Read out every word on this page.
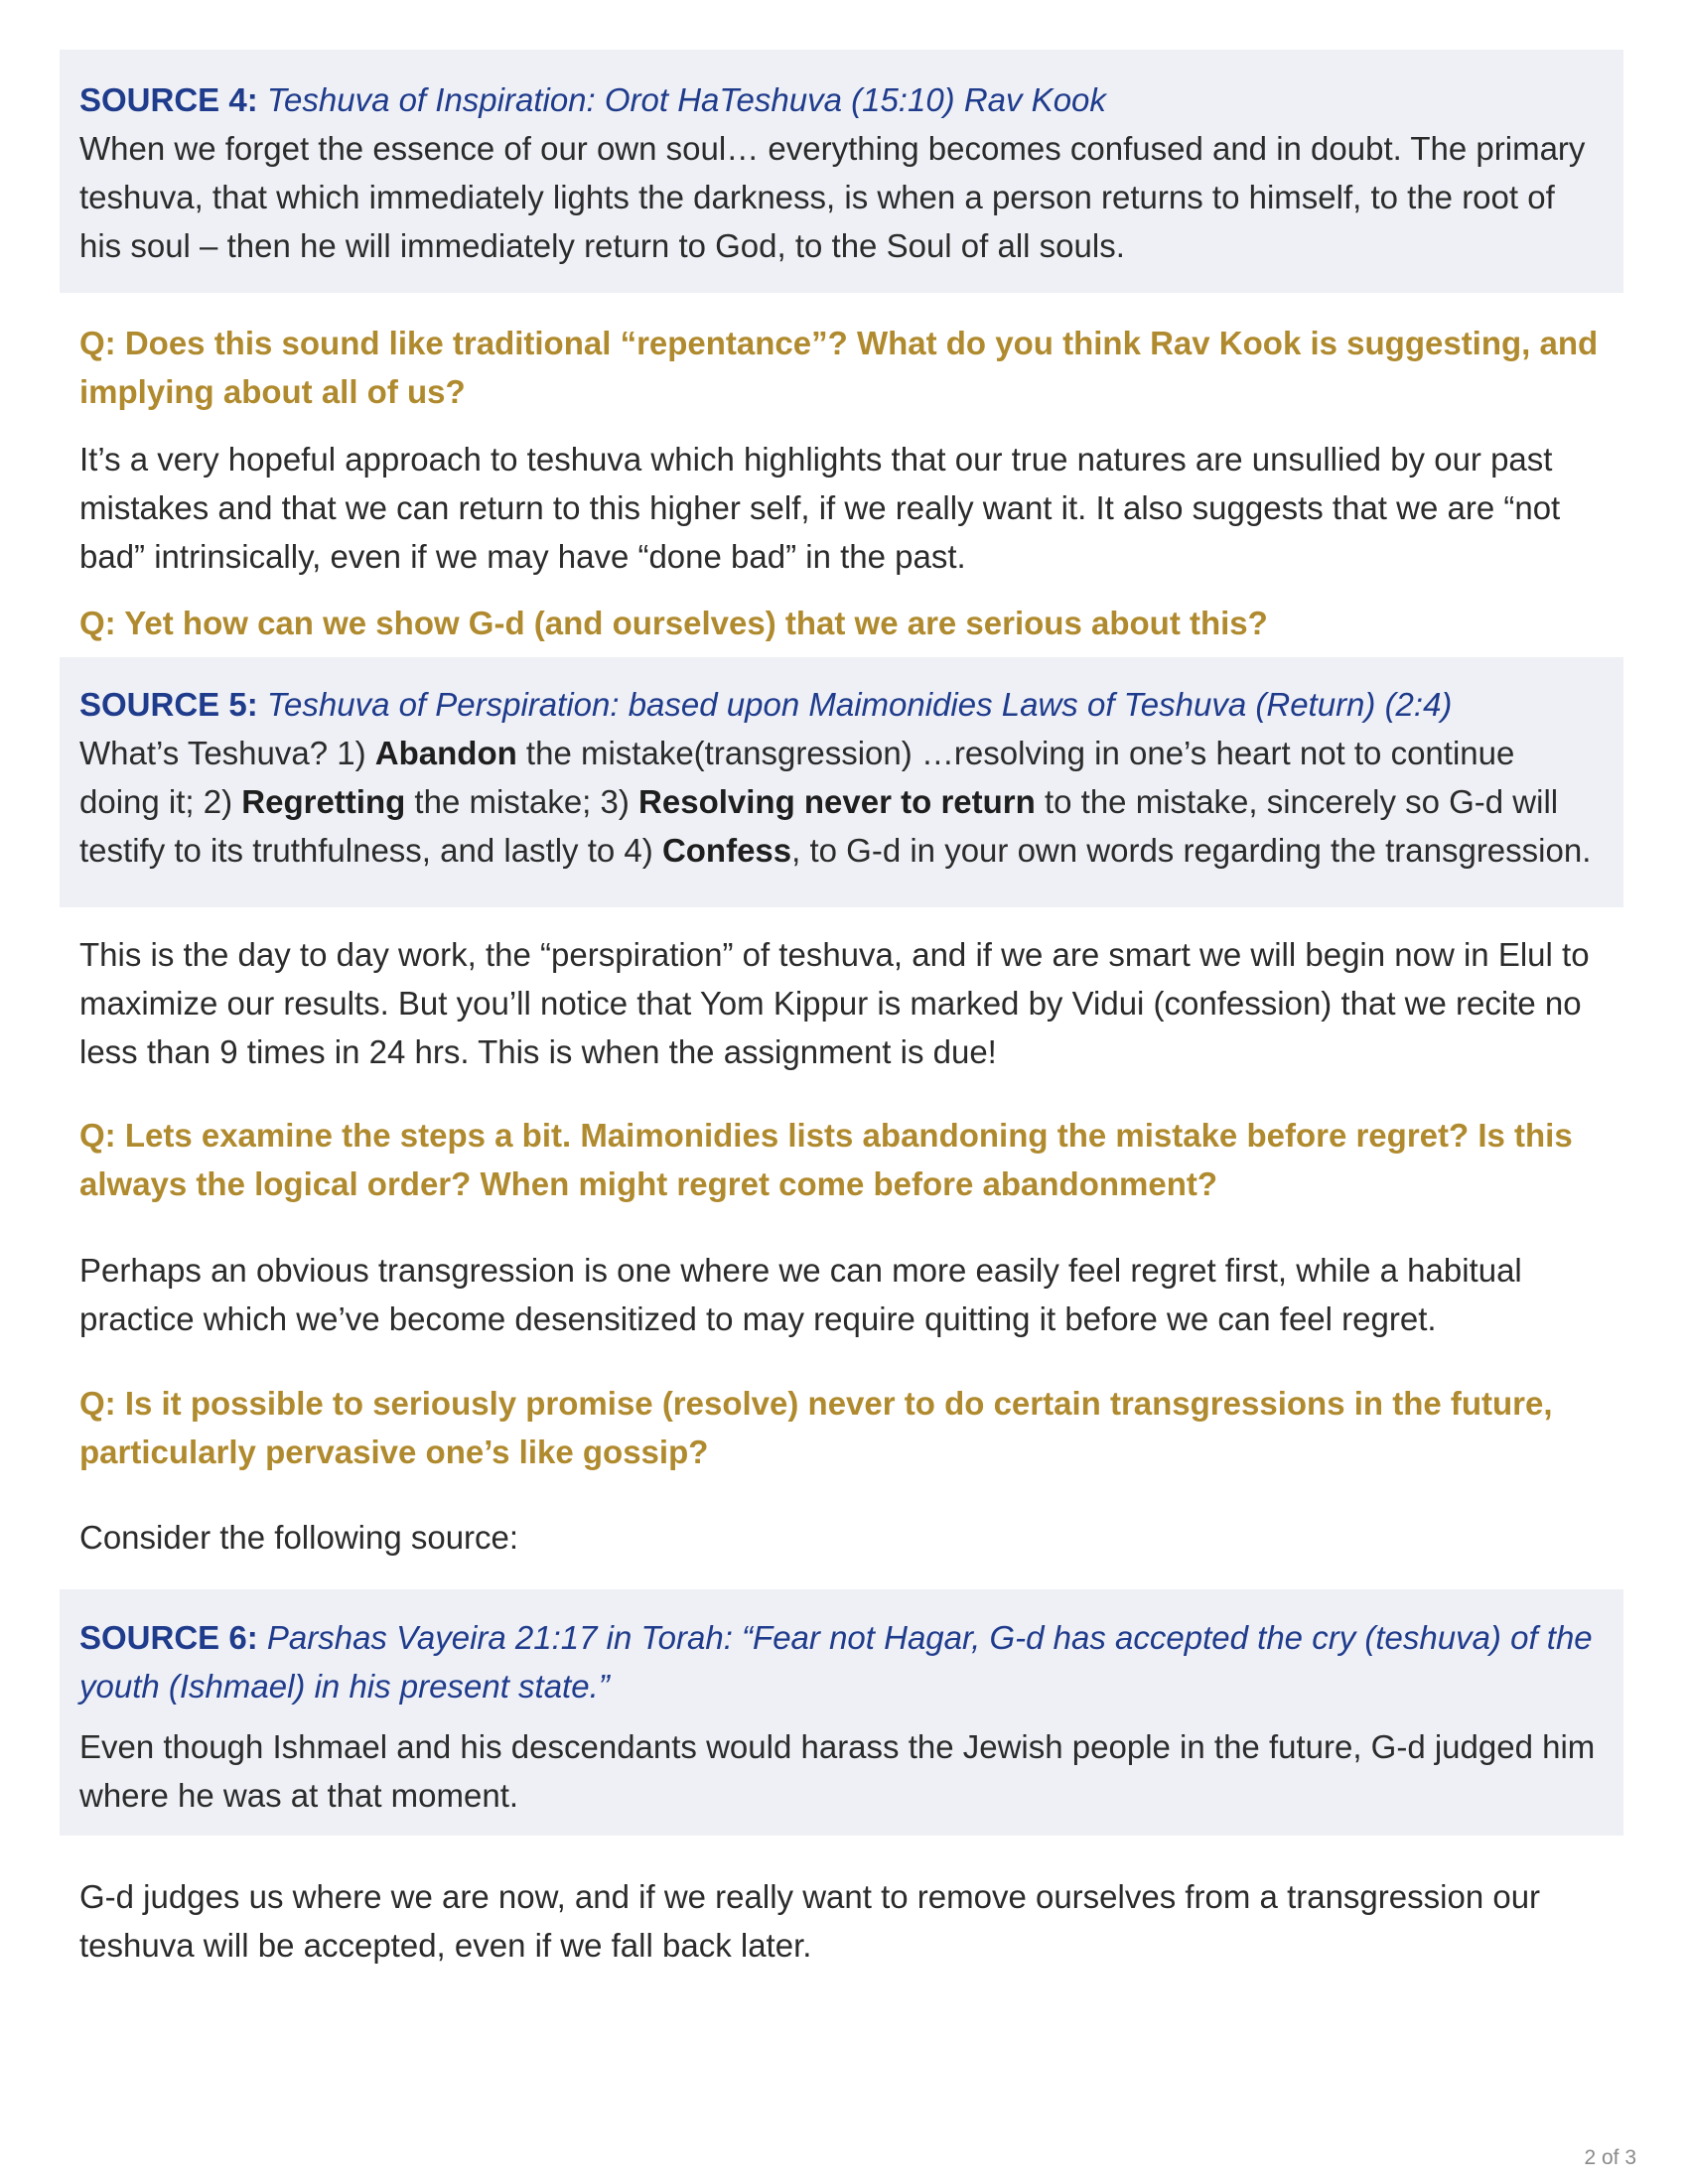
SOURCE 4: Teshuva of Inspiration: Orot HaTeshuva (15:10) Rav Kook

When we forget the essence of our own soul… everything becomes confused and in doubt. The primary teshuva, that which immediately lights the darkness, is when a person returns to himself, to the root of his soul – then he will immediately return to God, to the Soul of all souls.

Q: Does this sound like traditional “repentance”? What do you think Rav Kook is suggesting, and implying about all of us?

It’s a very hopeful approach to teshuva which highlights that our true natures are unsullied by our past mistakes and that we can return to this higher self, if we really want it. It also suggests that we are “not bad” intrinsically, even if we may have “done bad” in the past.

Q: Yet how can we show G-d (and ourselves) that we are serious about this?

SOURCE 5: Teshuva of Perspiration: based upon Maimonidies Laws of Teshuva (Return) (2:4)

What’s Teshuva? 1) Abandon the mistake(transgression) …resolving in one’s heart not to continue doing it; 2) Regretting the mistake; 3) Resolving never to return to the mistake, sincerely so G-d will testify to its truthfulness, and lastly to 4) Confess, to G-d in your own words regarding the transgression.

This is the day to day work, the “perspiration” of teshuva, and if we are smart we will begin now in Elul to maximize our results. But you’ll notice that Yom Kippur is marked by Vidui (confession) that we recite no less than 9 times in 24 hrs. This is when the assignment is due!

Q: Lets examine the steps a bit. Maimonidies lists abandoning the mistake before regret? Is this always the logical order? When might regret come before abandonment?

Perhaps an obvious transgression is one where we can more easily feel regret first, while a habitual practice which we’ve become desensitized to may require quitting it before we can feel regret.

Q: Is it possible to seriously promise (resolve) never to do certain transgressions in the future, particularly pervasive one’s like gossip?

Consider the following source:

SOURCE 6: Parshas Vayeira 21:17 in Torah: “Fear not Hagar, G-d has accepted the cry (teshuva) of the youth (Ishmael) in his present state.”

Even though Ishmael and his descendants would harass the Jewish people in the future, G-d judged him where he was at that moment.

G-d judges us where we are now, and if we really want to remove ourselves from a transgression our teshuva will be accepted, even if we fall back later.

2 of 3
